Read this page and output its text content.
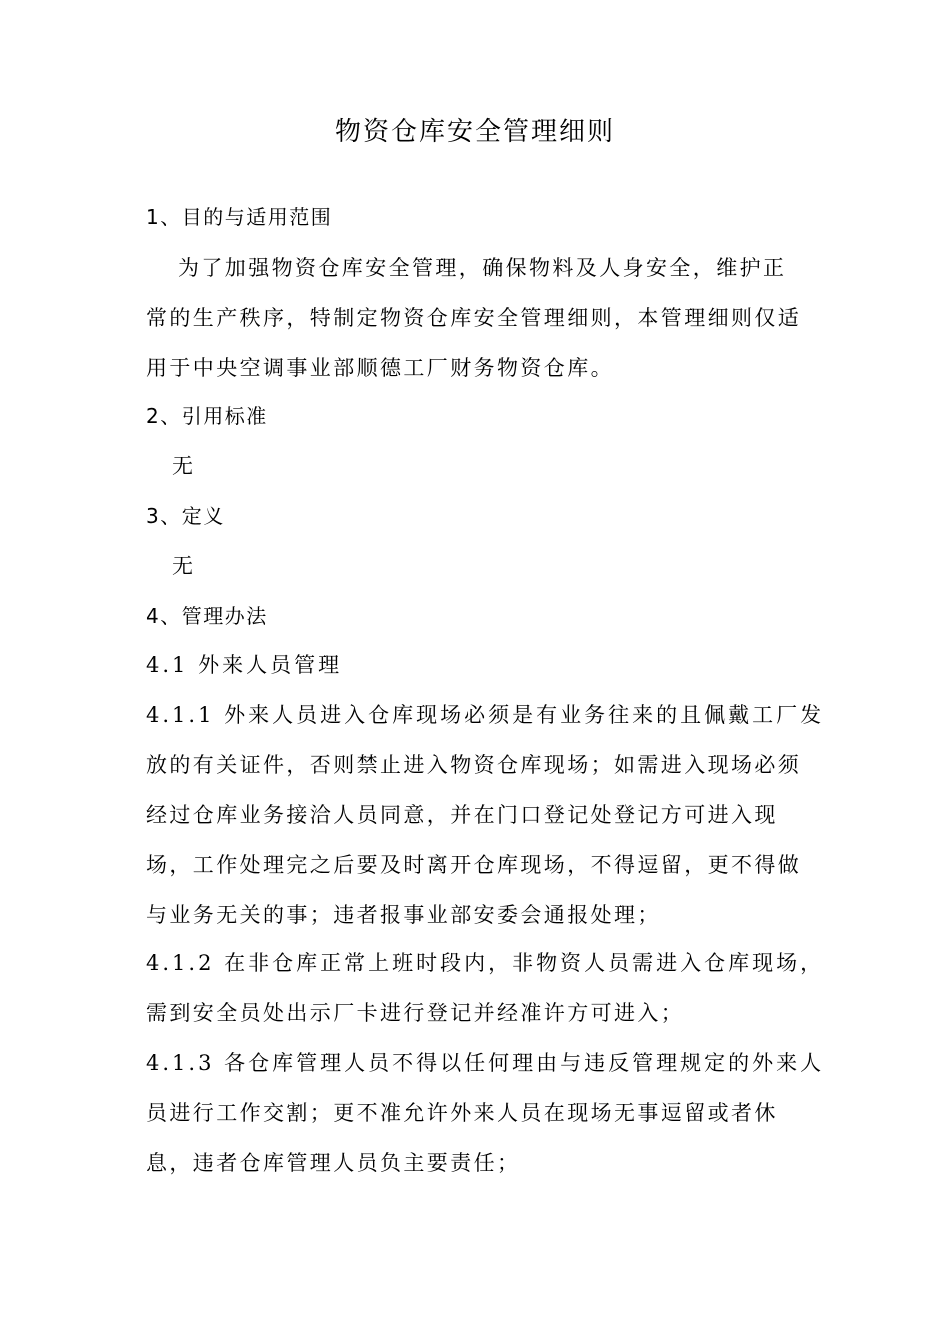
物资仓库安全管理细则
1、目的与适用范围
为了加强物资仓库安全管理，确保物料及人身安全，维护正
常的生产秩序，特制定物资仓库安全管理细则，本管理细则仅适
用于中央空调事业部顺德工厂财务物资仓库。
2、引用标准
无
3、定义
无
4、管理办法
4.1 外来人员管理
4.1.1 外来人员进入仓库现场必须是有业务往来的且佩戴工厂发
放的有关证件，否则禁止进入物资仓库现场；如需进入现场必须
经过仓库业务接洽人员同意，并在门口登记处登记方可进入现
场，工作处理完之后要及时离开仓库现场，不得逗留，更不得做
与业务无关的事；违者报事业部安委会通报处理；
4.1.2 在非仓库正常上班时段内，非物资人员需进入仓库现场，
需到安全员处出示厂卡进行登记并经准许方可进入；
4.1.3 各仓库管理人员不得以任何理由与违反管理规定的外来人
员进行工作交割；更不准允许外来人员在现场无事逗留或者休
息，违者仓库管理人员负主要责任；
